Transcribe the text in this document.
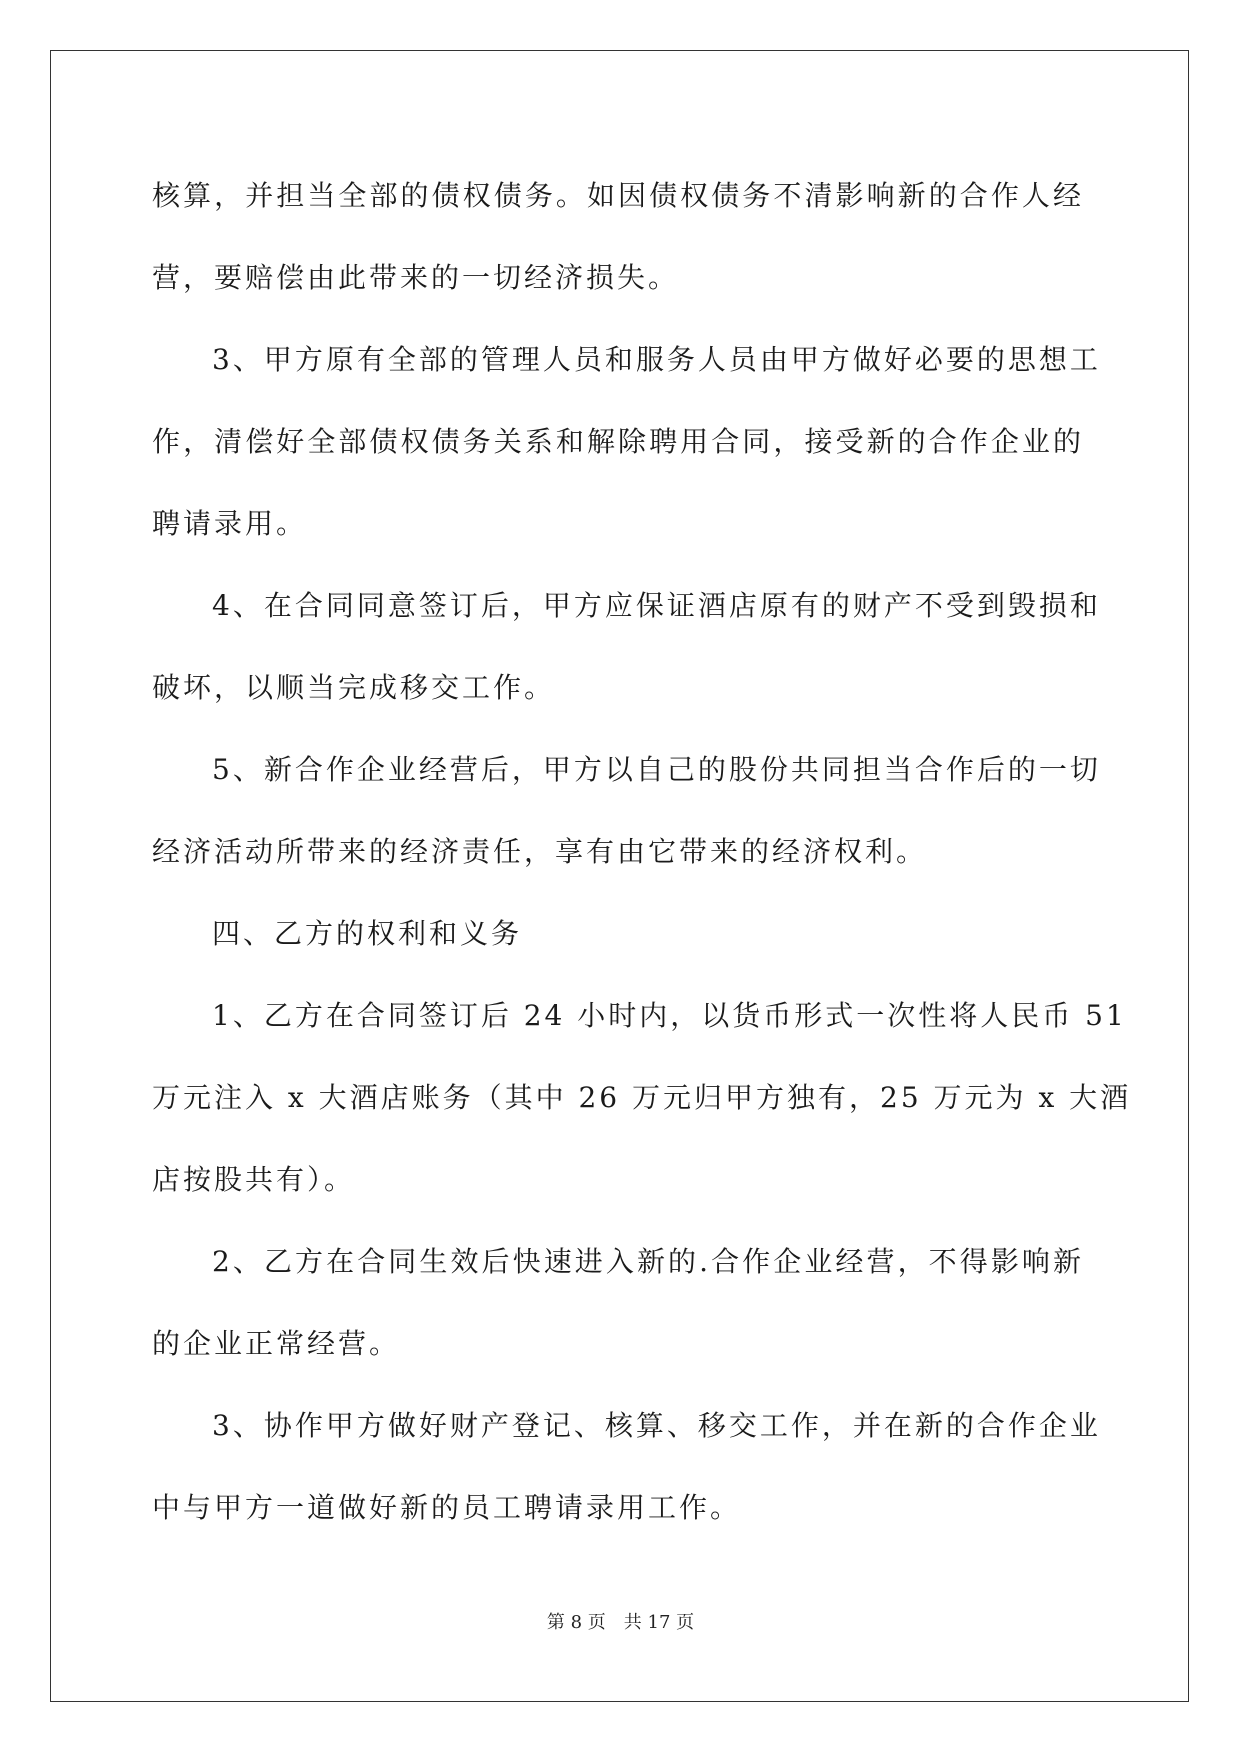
核算，并担当全部的债权债务。如因债权债务不清影响新的合作人经
营，要赔偿由此带来的一切经济损失。
3、甲方原有全部的管理人员和服务人员由甲方做好必要的思想工
作，清偿好全部债权债务关系和解除聘用合同，接受新的合作企业的
聘请录用。
4、在合同同意签订后，甲方应保证酒店原有的财产不受到毁损和
破坏，以顺当完成移交工作。
5、新合作企业经营后，甲方以自己的股份共同担当合作后的一切
经济活动所带来的经济责任，享有由它带来的经济权利。
四、乙方的权利和义务
1、乙方在合同签订后 24 小时内，以货币形式一次性将人民币 51
万元注入 x 大酒店账务（其中 26 万元归甲方独有，25 万元为 x 大酒
店按股共有）。
2、乙方在合同生效后快速进入新的.合作企业经营，不得影响新
的企业正常经营。
3、协作甲方做好财产登记、核算、移交工作，并在新的合作企业
中与甲方一道做好新的员工聘请录用工作。
第 8 页 共 17 页
